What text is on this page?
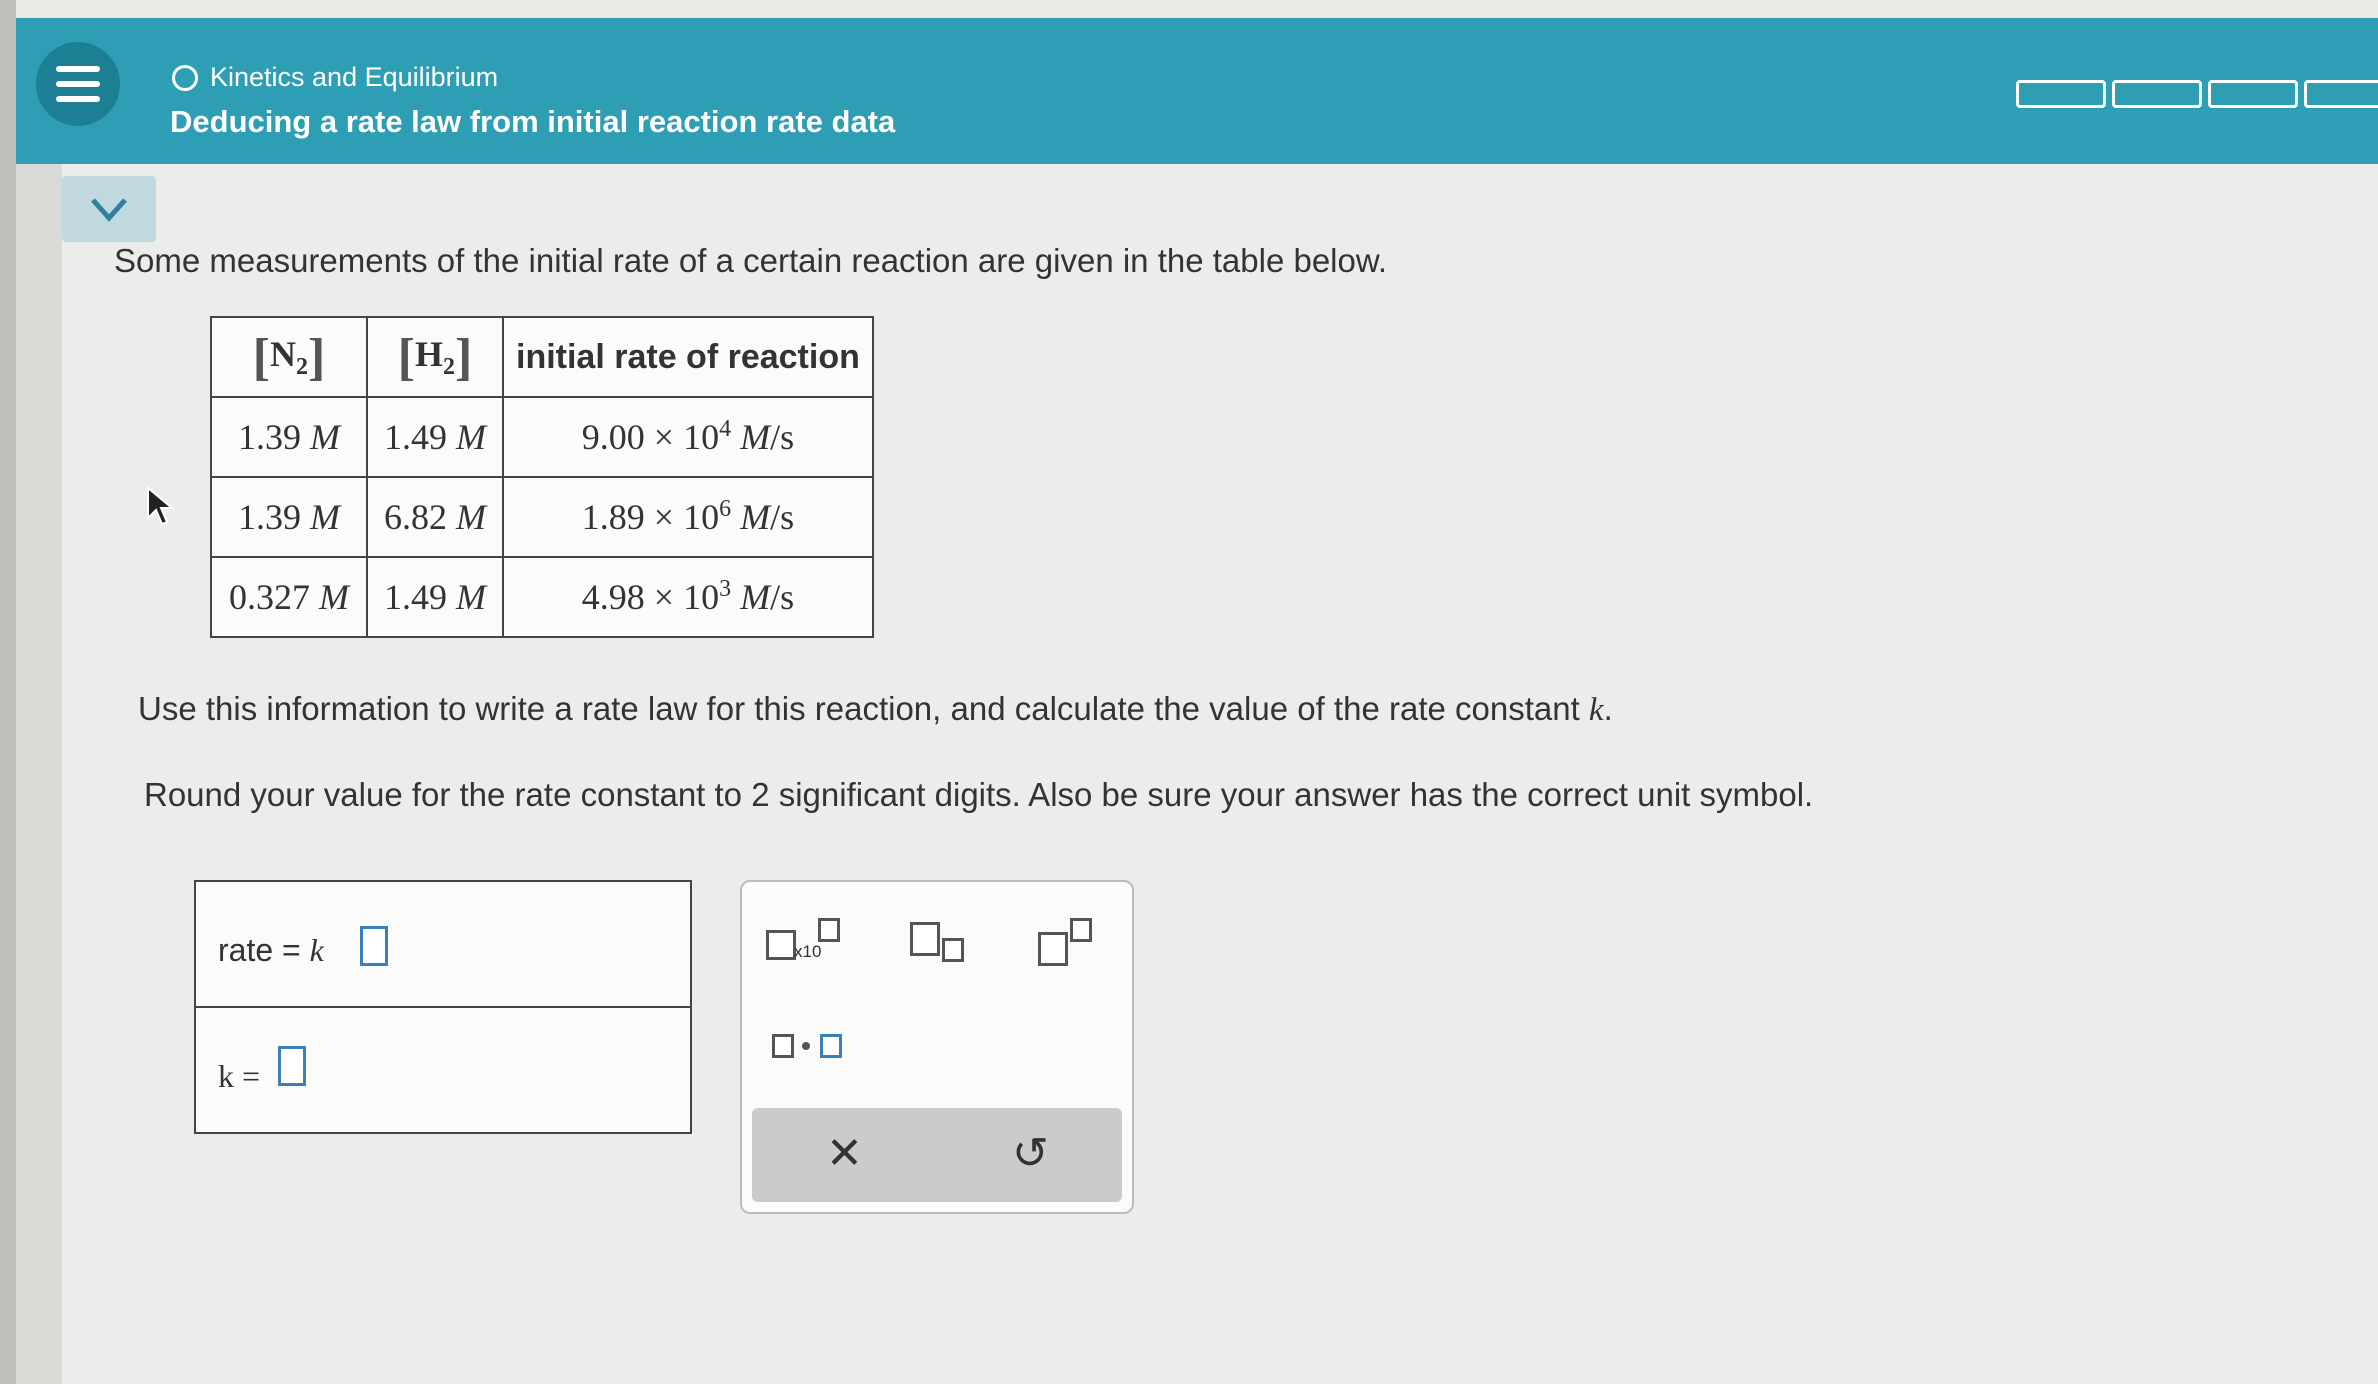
Kinetics and Equilibrium
Deducing a rate law from initial reaction rate data
Some measurements of the initial rate of a certain reaction are given in the table below.
$[N_2]$	$[H_2]$	initial rate of reaction
1.39 M	1.49 M	$9.00 \times 10^4$ M/s
1.39 M	6.82 M	$1.89 \times 10^6$ M/s
0.327 M	1.49 M	$4.98 \times 10^3$ M/s
Use this information to write a rate law for this reaction, and calculate the value of the rate constant k.
Round your value for the rate constant to 2 significant digits. Also be sure your answer has the correct unit symbol.
rate = k
k =
x10
✕	↺
